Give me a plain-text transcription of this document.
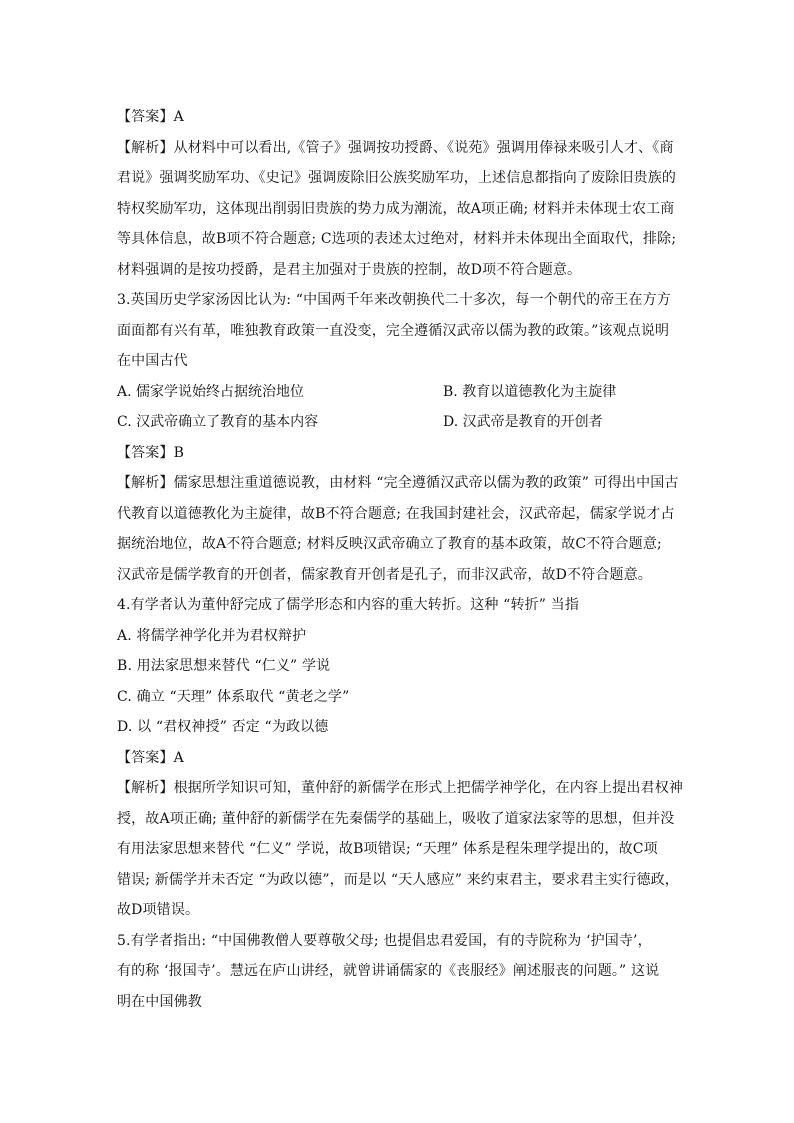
【答案】A
【解析】从材料中可以看出,《管子》强调按功授爵、《说苑》强调用俸禄来吸引人才、《商
君说》强调奖励军功、《史记》强调废除旧公族奖励军功，上述信息都指向了废除旧贵族的
特权奖励军功，这体现出削弱旧贵族的势力成为潮流，故A项正确; 材料并未体现士农工商
等具体信息，故B项不符合题意; C选项的表述太过绝对，材料并未体现出全面取代，排除;
材料强调的是按功授爵，是君主加强对于贵族的控制，故D项不符合题意。
3.英国历史学家汤因比认为: “中国两千年来改朝换代二十多次，每一个朝代的帝王在方方
面面都有兴有革，唯独教育政策一直没变，完全遵循汉武帝以儒为教的政策。”该观点说明
在中国古代
A. 儒家学说始终占据统治地位	B. 教育以道德教化为主旋律
C. 汉武帝确立了教育的基本内容	D. 汉武帝是教育的开创者
【答案】B
【解析】儒家思想注重道德说教，由材料 “完全遵循汉武帝以儒为教的政策” 可得出中国古
代教育以道德教化为主旋律，故B不符合题意; 在我国封建社会，汉武帝起，儒家学说才占
据统治地位，故A不符合题意; 材料反映汉武帝确立了教育的基本政策，故C不符合题意;
汉武帝是儒学教育的开创者，儒家教育开创者是孔子，而非汉武帝，故D不符合题意。
4.有学者认为董仲舒完成了儒学形态和内容的重大转折。这种 “转折” 当指
A. 将儒学神学化并为君权辩护
B. 用法家思想来替代 “仁义” 学说
C. 确立 “天理” 体系取代 “黄老之学”
D. 以 “君权神授” 否定 “为政以德
【答案】A
【解析】根据所学知识可知，董仲舒的新儒学在形式上把儒学神学化，在内容上提出君权神
授，故A项正确; 董仲舒的新儒学在先秦儒学的基础上，吸收了道家法家等的思想，但并没
有用法家思想来替代 “仁义” 学说，故B项错误; “天理” 体系是程朱理学提出的，故C项
错误; 新儒学并未否定 “为政以德”，而是以 “天人感应” 来约束君主，要求君主实行德政，
故D项错误。
5.有学者指出: “中国佛教僧人要尊敬父母; 也提倡忠君爱国，有的寺院称为 ‘护国寺’，
有的称 ‘报国寺’。慧远在庐山讲经，就曾讲诵儒家的《丧服经》阐述服丧的问题。” 这说
明在中国佛教
